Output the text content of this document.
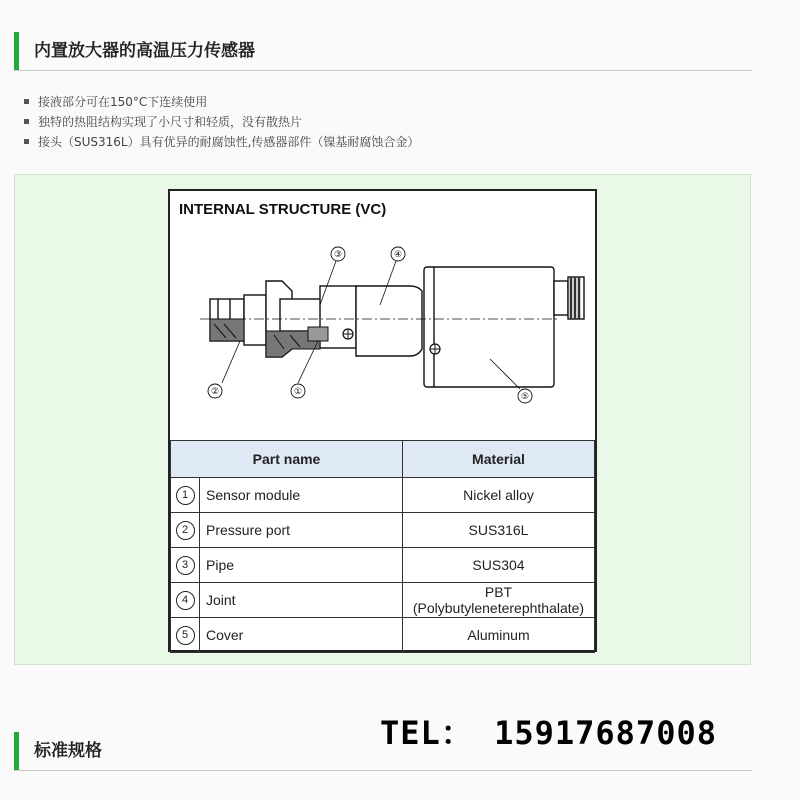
内置放大器的高温压力传感器
接液部分可在150°C下连续使用
独特的热阻结构实现了小尺寸和轻质，没有散热片
接头（SUS316L）具有优异的耐腐蚀性,传感器部件（镍基耐腐蚀合金）
INTERNAL STRUCTURE (VC)
③	④
②	①	⑤
Part name		Material
1	Sensor module	Nickel alloy
2	Pressure port	SUS316L
3	Pipe	SUS304
4	Joint	PBT (Polybutyleneterephthalate)
5	Cover	Aluminum
TEL： 15917687008
标准规格
